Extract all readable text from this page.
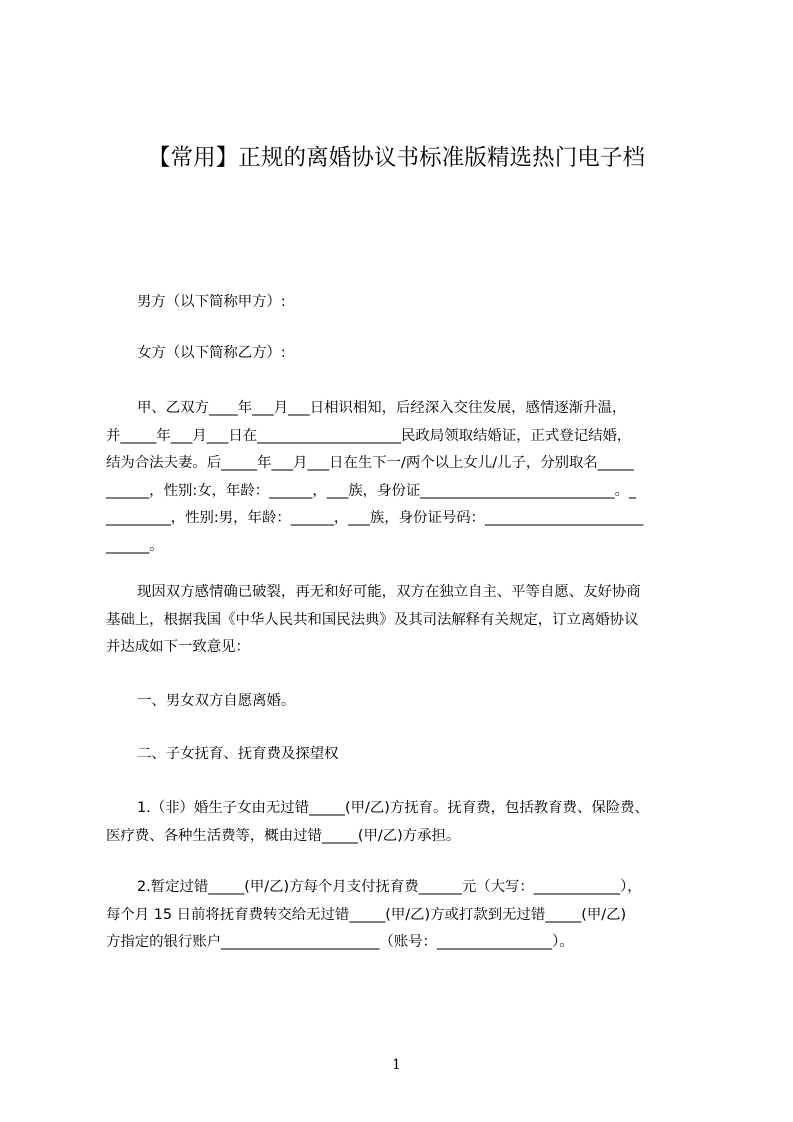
【常用】正规的离婚协议书标准版精选热门电子档
男方（以下简称甲方）:
女方（以下简称乙方）:
甲、乙双方____年___月___日相识相知，后经深入交往发展，感情逐渐升温，
并_____年___月___日在____________________民政局领取结婚证，正式登记结婚，
结为合法夫妻。后_____年___月___日在生下一/两个以上女儿/儿子，分别取名_____
______，性别:女，年龄：______，___族，身份证___________________________。_
_________，性别:男，年龄：______，___族，身份证号码：______________________
______。
现因双方感情确已破裂，再无和好可能，双方在独立自主、平等自愿、友好协商
基础上，根据我国《中华人民共和国民法典》及其司法解释有关规定，订立离婚协议
并达成如下一致意见：
一、男女双方自愿离婚。
二、子女抚育、抚育费及探望权
1.（非）婚生子女由无过错_____(甲/乙)方抚育。抚育费，包括教育费、保险费、
医疗费、各种生活费等，概由过错_____(甲/乙)方承担。
2.暂定过错_____(甲/乙)方每个月支付抚育费______元（大写：____________），
每个月 15 日前将抚育费转交给无过错_____(甲/乙)方或打款到无过错_____(甲/乙)
方指定的银行账户______________________（账号：________________）。
1
